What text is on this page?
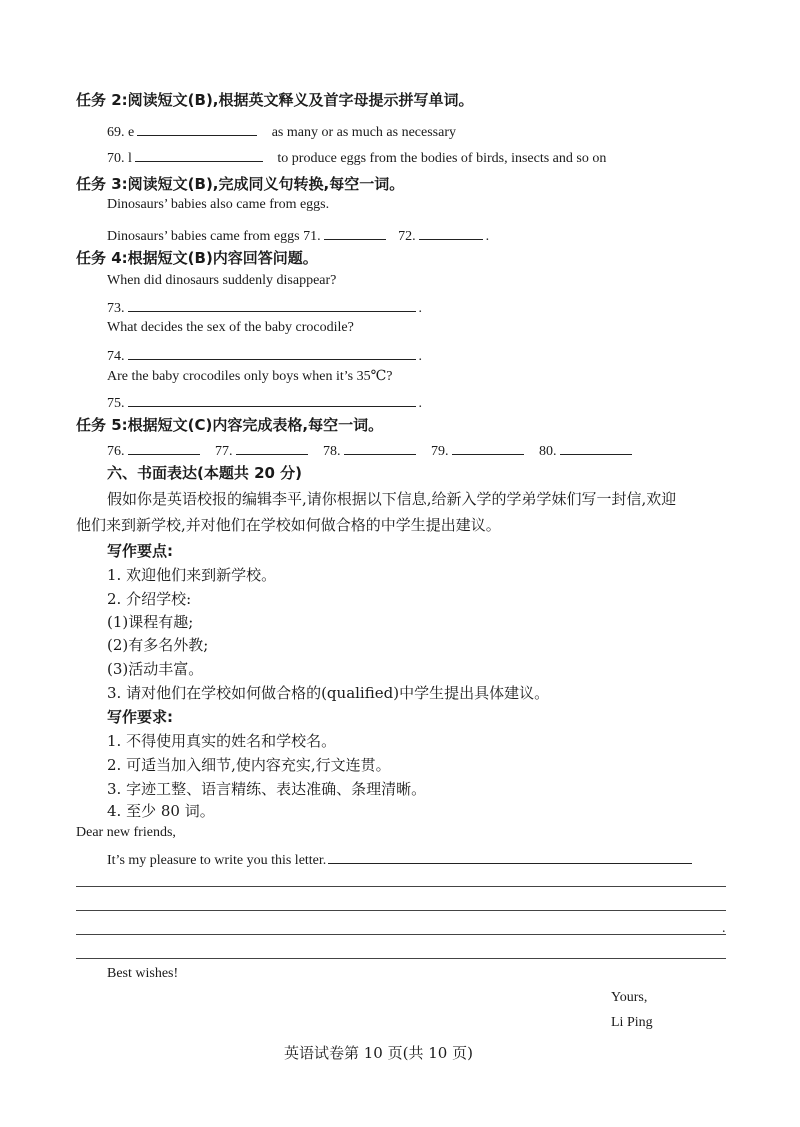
任务 2:阅读短文(B),根据英文释义及首字母提示拼写单词。
69. e	as many or as much as necessary
70. l	to produce eggs from the bodies of birds, insects and so on
任务 3:阅读短文(B),完成同义句转换,每空一词。
Dinosaurs’ babies also came from eggs.
Dinosaurs’ babies came from eggs 71.	72.	.
任务 4:根据短文(B)内容回答问题。
When did dinosaurs suddenly disappear?
73.	.
What decides the sex of the baby crocodile?
74.	.
Are the baby crocodiles only boys when it’s 35℃?
75.	.
任务 5:根据短文(C)内容完成表格,每空一词。
76.	77.	78.	79.	80.
六、书面表达(本题共 20 分)
假如你是英语校报的编辑李平,请你根据以下信息,给新入学的学弟学妹们写一封信,欢迎
他们来到新学校,并对他们在学校如何做合格的中学生提出建议。
写作要点:
1. 欢迎他们来到新学校。
2. 介绍学校:
(1)课程有趣;
(2)有多名外教;
(3)活动丰富。
3. 请对他们在学校如何做合格的(qualified)中学生提出具体建议。
写作要求:
1. 不得使用真实的姓名和学校名。
2. 可适当加入细节,使内容充实,行文连贯。
3. 字迹工整、语言精练、表达准确、条理清晰。
4. 至少 80 词。
Dear new friends,
It’s my pleasure to write you this letter.
.
Best wishes!
Yours,
Li Ping
英语试卷第 10 页(共 10 页)
